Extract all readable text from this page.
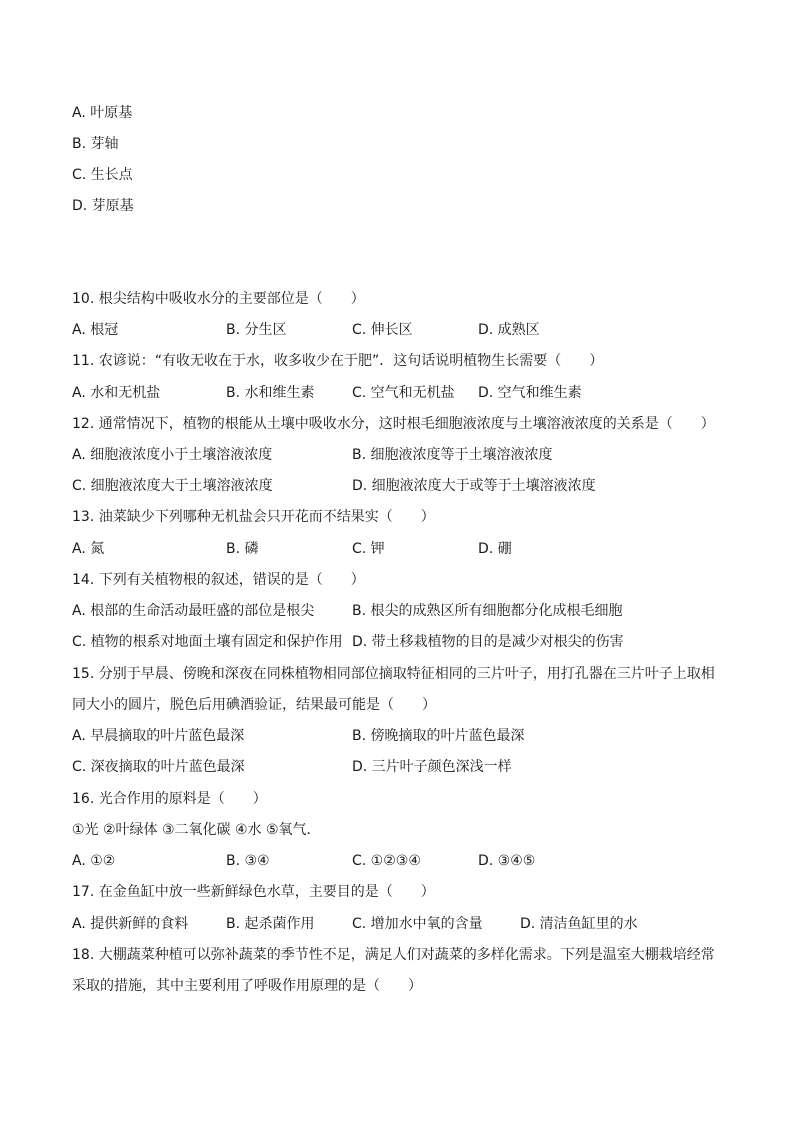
A. 叶原基
B. 芽轴
C. 生长点
D. 芽原基
10. 根尖结构中吸收水分的主要部位是（　　）
A. 根冠	B. 分生区	C. 伸长区	D. 成熟区
11. 农谚说：“有收无收在于水，收多收少在于肥”．这句话说明植物生长需要（　　）
A. 水和无机盐	B. 水和维生素	C. 空气和无机盐 D. 空气和维生素
12. 通常情况下，植物的根能从土壤中吸收水分，这时根毛细胞液浓度与土壤溶液浓度的关系是（　　）
A. 细胞液浓度小于土壤溶液浓度	B. 细胞液浓度等于土壤溶液浓度
C. 细胞液浓度大于土壤溶液浓度	D. 细胞液浓度大于或等于土壤溶液浓度
13. 油菜缺少下列哪种无机盐会只开花而不结果实（　　）
A. 氮	B. 磷	C. 钾	D. 硼
14. 下列有关植物根的叙述，错误的是（　　）
A. 根部的生命活动最旺盛的部位是根尖	B. 根尖的成熟区所有细胞都分化成根毛细胞
C. 植物的根系对地面土壤有固定和保护作用 D. 带土移栽植物的目的是减少对根尖的伤害
15. 分别于早晨、傍晚和深夜在同株植物相同部位摘取特征相同的三片叶子，用打孔器在三片叶子上取相
同大小的圆片，脱色后用碘酒验证，结果最可能是（　　）
A. 早晨摘取的叶片蓝色最深	B. 傍晚摘取的叶片蓝色最深
C. 深夜摘取的叶片蓝色最深	D. 三片叶子颜色深浅一样
16. 光合作用的原料是（　　）
①光 ②叶绿体 ③二氧化碳 ④水 ⑤氧气．
A. ①②	B. ③④	C. ①②③④	D. ③④⑤
17. 在金鱼缸中放一些新鲜绿色水草，主要目的是（　　）
A. 提供新鲜的食料	B. 起杀菌作用	C. 增加水中氧的含量	D. 清洁鱼缸里的水
18. 大棚蔬菜种植可以弥补蔬菜的季节性不足，满足人们对蔬菜的多样化需求。下列是温室大棚栽培经常
采取的措施，其中主要利用了呼吸作用原理的是（　　）
